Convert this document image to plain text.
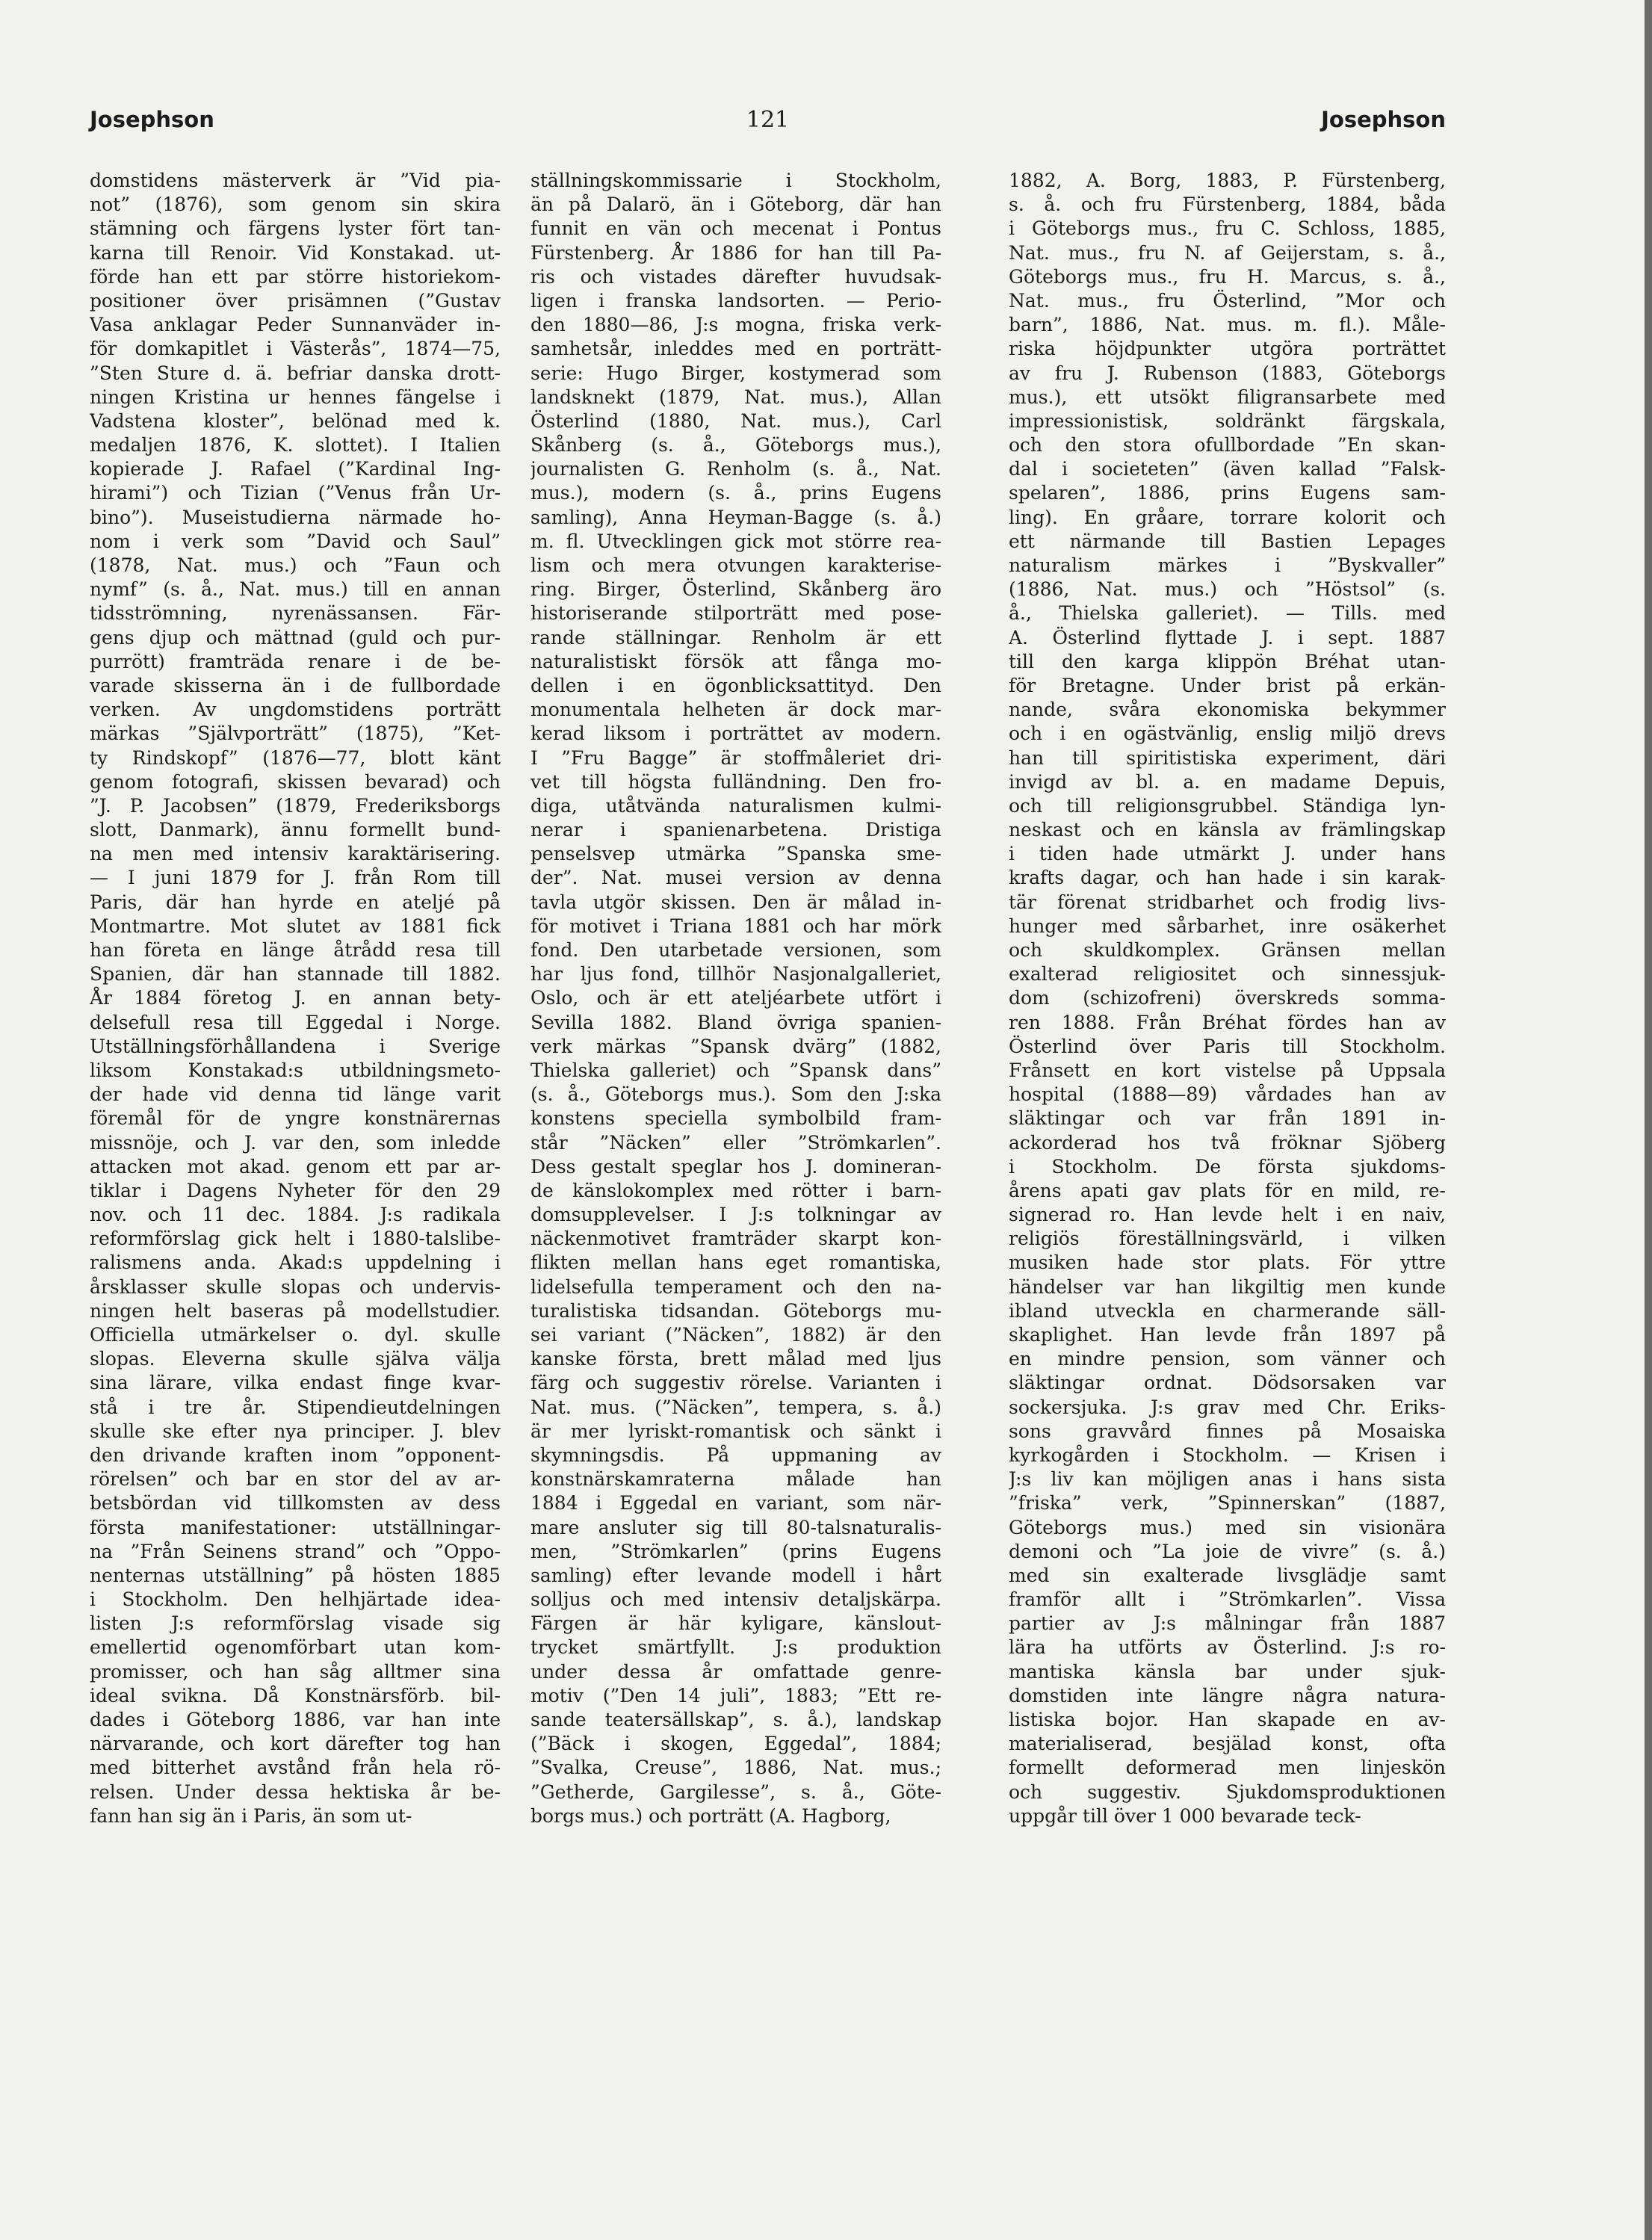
Josephson	121	Josephson
domstidens mästerverk är ”Vid pia-
not” (1876), som genom sin skira
stämning och färgens lyster fört tan-
karna till Renoir. Vid Konstakad. ut-
förde han ett par större historiekom-
positioner över prisämnen (”Gustav
Vasa anklagar Peder Sunnanväder in-
för domkapitlet i Västerås”, 1874—75,
”Sten Sture d. ä. befriar danska drott-
ningen Kristina ur hennes fängelse i
Vadstena kloster”, belönad med k.
medaljen 1876, K. slottet). I Italien
kopierade J. Rafael (”Kardinal Ing-
hirami”) och Tizian (”Venus från Ur-
bino”). Museistudierna närmade ho-
nom i verk som ”David och Saul”
(1878, Nat. mus.) och ”Faun och
nymf” (s. å., Nat. mus.) till en annan
tidsströmning, nyrenässansen. Fär-
gens djup och mättnad (guld och pur-
purrött) framträda renare i de be-
varade skisserna än i de fullbordade
verken. Av ungdomstidens porträtt
märkas ”Självporträtt” (1875), ”Ket-
ty Rindskopf” (1876—77, blott känt
genom fotografi, skissen bevarad) och
”J. P. Jacobsen” (1879, Frederiksborgs
slott, Danmark), ännu formellt bund-
na men med intensiv karaktärisering.
— I juni 1879 for J. från Rom till
Paris, där han hyrde en ateljé på
Montmartre. Mot slutet av 1881 fick
han företa en länge åtrådd resa till
Spanien, där han stannade till 1882.
År 1884 företog J. en annan bety-
delsefull resa till Eggedal i Norge.
Utställningsförhållandena i Sverige
liksom Konstakad:s utbildningsmeto-
der hade vid denna tid länge varit
föremål för de yngre konstnärernas
missnöje, och J. var den, som inledde
attacken mot akad. genom ett par ar-
tiklar i Dagens Nyheter för den 29
nov. och 11 dec. 1884. J:s radikala
reformförslag gick helt i 1880-talslibe-
ralismens anda. Akad:s uppdelning i
årsklasser skulle slopas och undervis-
ningen helt baseras på modellstudier.
Officiella utmärkelser o. dyl. skulle
slopas. Eleverna skulle själva välja
sina lärare, vilka endast finge kvar-
stå i tre år. Stipendieutdelningen
skulle ske efter nya principer. J. blev
den drivande kraften inom ”opponent-
rörelsen” och bar en stor del av ar-
betsbördan vid tillkomsten av dess
första manifestationer: utställningar-
na ”Från Seinens strand” och ”Oppo-
nenternas utställning” på hösten 1885
i Stockholm. Den helhjärtade idea-
listen J:s reformförslag visade sig
emellertid ogenomförbart utan kom-
promisser, och han såg alltmer sina
ideal svikna. Då Konstnärsförb. bil-
dades i Göteborg 1886, var han inte
närvarande, och kort därefter tog han
med bitterhet avstånd från hela rö-
relsen. Under dessa hektiska år be-
fann han sig än i Paris, än som ut-
ställningskommissarie i Stockholm,
än på Dalarö, än i Göteborg, där han
funnit en vän och mecenat i Pontus
Fürstenberg. År 1886 for han till Pa-
ris och vistades därefter huvudsak-
ligen i franska landsorten. — Perio-
den 1880—86, J:s mogna, friska verk-
samhetsår, inleddes med en porträtt-
serie: Hugo Birger, kostymerad som
landsknekt (1879, Nat. mus.), Allan
Österlind (1880, Nat. mus.), Carl
Skånberg (s. å., Göteborgs mus.),
journalisten G. Renholm (s. å., Nat.
mus.), modern (s. å., prins Eugens
samling), Anna Heyman-Bagge (s. å.)
m. fl. Utvecklingen gick mot större rea-
lism och mera otvungen karakterise-
ring. Birger, Österlind, Skånberg äro
historiserande stilporträtt med pose-
rande ställningar. Renholm är ett
naturalistiskt försök att fånga mo-
dellen i en ögonblicksattityd. Den
monumentala helheten är dock mar-
kerad liksom i porträttet av modern.
I ”Fru Bagge” är stoffmåleriet dri-
vet till högsta fulländning. Den fro-
diga, utåtvända naturalismen kulmi-
nerar i spanienarbetena. Dristiga
penselsvep utmärka ”Spanska sme-
der”. Nat. musei version av denna
tavla utgör skissen. Den är målad in-
för motivet i Triana 1881 och har mörk
fond. Den utarbetade versionen, som
har ljus fond, tillhör Nasjonalgalleriet,
Oslo, och är ett ateljéarbete utfört i
Sevilla 1882. Bland övriga spanien-
verk märkas ”Spansk dvärg” (1882,
Thielska galleriet) och ”Spansk dans”
(s. å., Göteborgs mus.). Som den J:ska
konstens speciella symbolbild fram-
står ”Näcken” eller ”Strömkarlen”.
Dess gestalt speglar hos J. domineran-
de känslokomplex med rötter i barn-
domsupplevelser. I J:s tolkningar av
näckenmotivet framträder skarpt kon-
flikten mellan hans eget romantiska,
lidelsefulla temperament och den na-
turalistiska tidsandan. Göteborgs mu-
sei variant (”Näcken”, 1882) är den
kanske första, brett målad med ljus
färg och suggestiv rörelse. Varianten i
Nat. mus. (”Näcken”, tempera, s. å.)
är mer lyriskt-romantisk och sänkt i
skymningsdis. På uppmaning av
konstnärskamraterna målade han
1884 i Eggedal en variant, som när-
mare ansluter sig till 80-talsnaturalis-
men, ”Strömkarlen” (prins Eugens
samling) efter levande modell i hårt
solljus och med intensiv detaljskärpa.
Färgen är här kyligare, känslout-
trycket smärtfyllt. J:s produktion
under dessa år omfattade genre-
motiv (”Den 14 juli”, 1883; ”Ett re-
sande teatersällskap”, s. å.), landskap
(”Bäck i skogen, Eggedal”, 1884;
”Svalka, Creuse”, 1886, Nat. mus.;
”Getherde, Gargilesse”, s. å., Göte-
borgs mus.) och porträtt (A. Hagborg,
1882, A. Borg, 1883, P. Fürstenberg,
s. å. och fru Fürstenberg, 1884, båda
i Göteborgs mus., fru C. Schloss, 1885,
Nat. mus., fru N. af Geijerstam, s. å.,
Göteborgs mus., fru H. Marcus, s. å.,
Nat. mus., fru Österlind, ”Mor och
barn”, 1886, Nat. mus. m. fl.). Måle-
riska höjdpunkter utgöra porträttet
av fru J. Rubenson (1883, Göteborgs
mus.), ett utsökt filigransarbete med
impressionistisk, soldränkt färgskala,
och den stora ofullbordade ”En skan-
dal i societeten” (även kallad ”Falsk-
spelaren”, 1886, prins Eugens sam-
ling). En gråare, torrare kolorit och
ett närmande till Bastien Lepages
naturalism märkes i ”Byskvaller”
(1886, Nat. mus.) och ”Höstsol” (s.
å., Thielska galleriet). — Tills. med
A. Österlind flyttade J. i sept. 1887
till den karga klippön Bréhat utan-
för Bretagne. Under brist på erkän-
nande, svåra ekonomiska bekymmer
och i en ogästvänlig, enslig miljö drevs
han till spiritistiska experiment, däri
invigd av bl. a. en madame Depuis,
och till religionsgrubbel. Ständiga lyn-
neskast och en känsla av främlingskap
i tiden hade utmärkt J. under hans
krafts dagar, och han hade i sin karak-
tär förenat stridbarhet och frodig livs-
hunger med sårbarhet, inre osäkerhet
och skuldkomplex. Gränsen mellan
exalterad religiositet och sinnessjuk-
dom (schizofreni) överskreds somma-
ren 1888. Från Bréhat fördes han av
Österlind över Paris till Stockholm.
Frånsett en kort vistelse på Uppsala
hospital (1888—89) vårdades han av
släktingar och var från 1891 in-
ackorderad hos två fröknar Sjöberg
i Stockholm. De första sjukdoms-
årens apati gav plats för en mild, re-
signerad ro. Han levde helt i en naiv,
religiös föreställningsvärld, i vilken
musiken hade stor plats. För yttre
händelser var han likgiltig men kunde
ibland utveckla en charmerande säll-
skaplighet. Han levde från 1897 på
en mindre pension, som vänner och
släktingar ordnat. Dödsorsaken var
sockersjuka. J:s grav med Chr. Eriks-
sons gravvård finnes på Mosaiska
kyrkogården i Stockholm. — Krisen i
J:s liv kan möjligen anas i hans sista
”friska” verk, ”Spinnerskan” (1887,
Göteborgs mus.) med sin visionära
demoni och ”La joie de vivre” (s. å.)
med sin exalterade livsglädje samt
framför allt i ”Strömkarlen”. Vissa
partier av J:s målningar från 1887
lära ha utförts av Österlind. J:s ro-
mantiska känsla bar under sjuk-
domstiden inte längre några natura-
listiska bojor. Han skapade en av-
materialiserad, besjälad konst, ofta
formellt deformerad men linjeskön
och suggestiv. Sjukdomsproduktionen
uppgår till över 1 000 bevarade teck-
